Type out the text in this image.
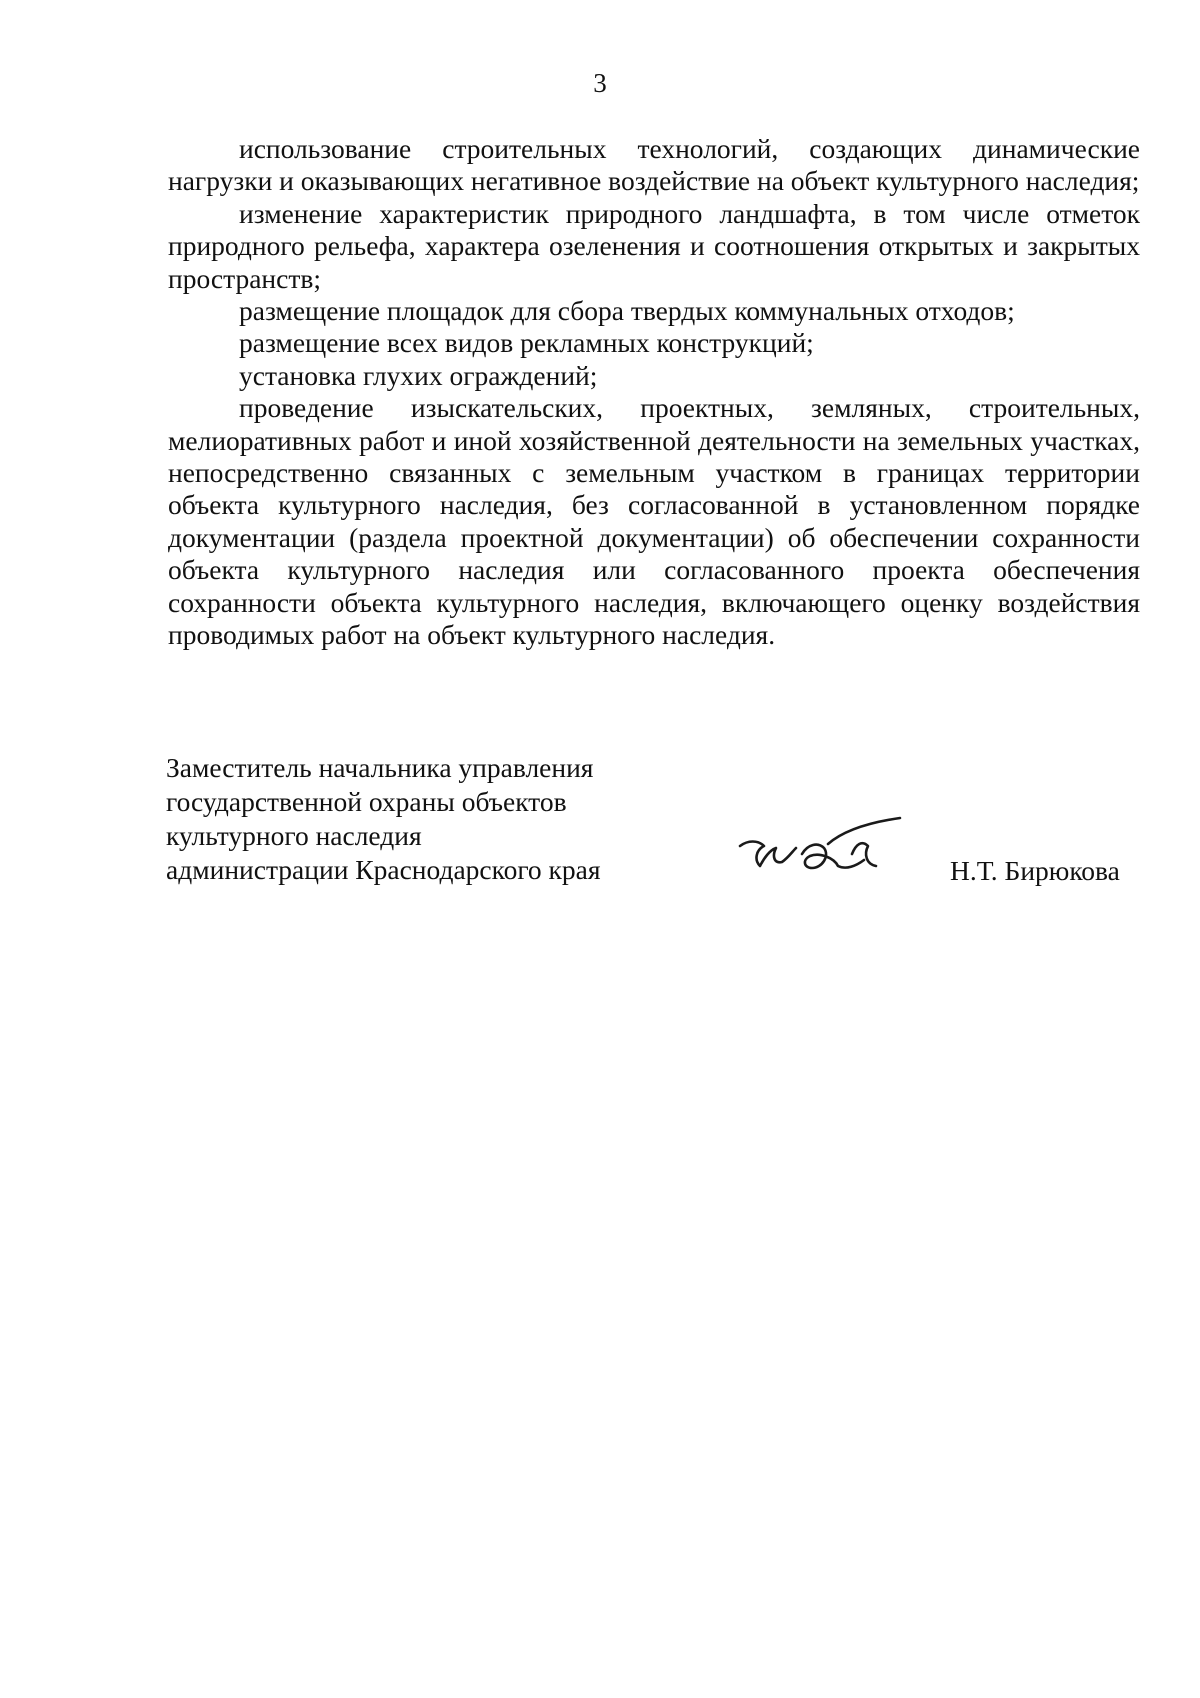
3

использование строительных технологий, создающих динамические нагрузки и оказывающих негативное воздействие на объект культурного наследия;

изменение характеристик природного ландшафта, в том числе отметок природного рельефа, характера озеленения и соотношения открытых и закрытых пространств;

размещение площадок для сбора твердых коммунальных отходов;

размещение всех видов рекламных конструкций;

установка глухих ограждений;

проведение изыскательских, проектных, земляных, строительных, мелиоративных работ и иной хозяйственной деятельности на земельных участках, непосредственно связанных с земельным участком в границах территории объекта культурного наследия, без согласованной в установленном порядке документации (раздела проектной документации) об обеспечении сохранности объекта культурного наследия или согласованного проекта обеспечения сохранности объекта культурного наследия, включающего оценку воздействия проводимых работ на объект культурного наследия.

Заместитель начальника управления
государственной охраны объектов
культурного наследия
администрации Краснодарского края	Н.Т. Бирюкова
